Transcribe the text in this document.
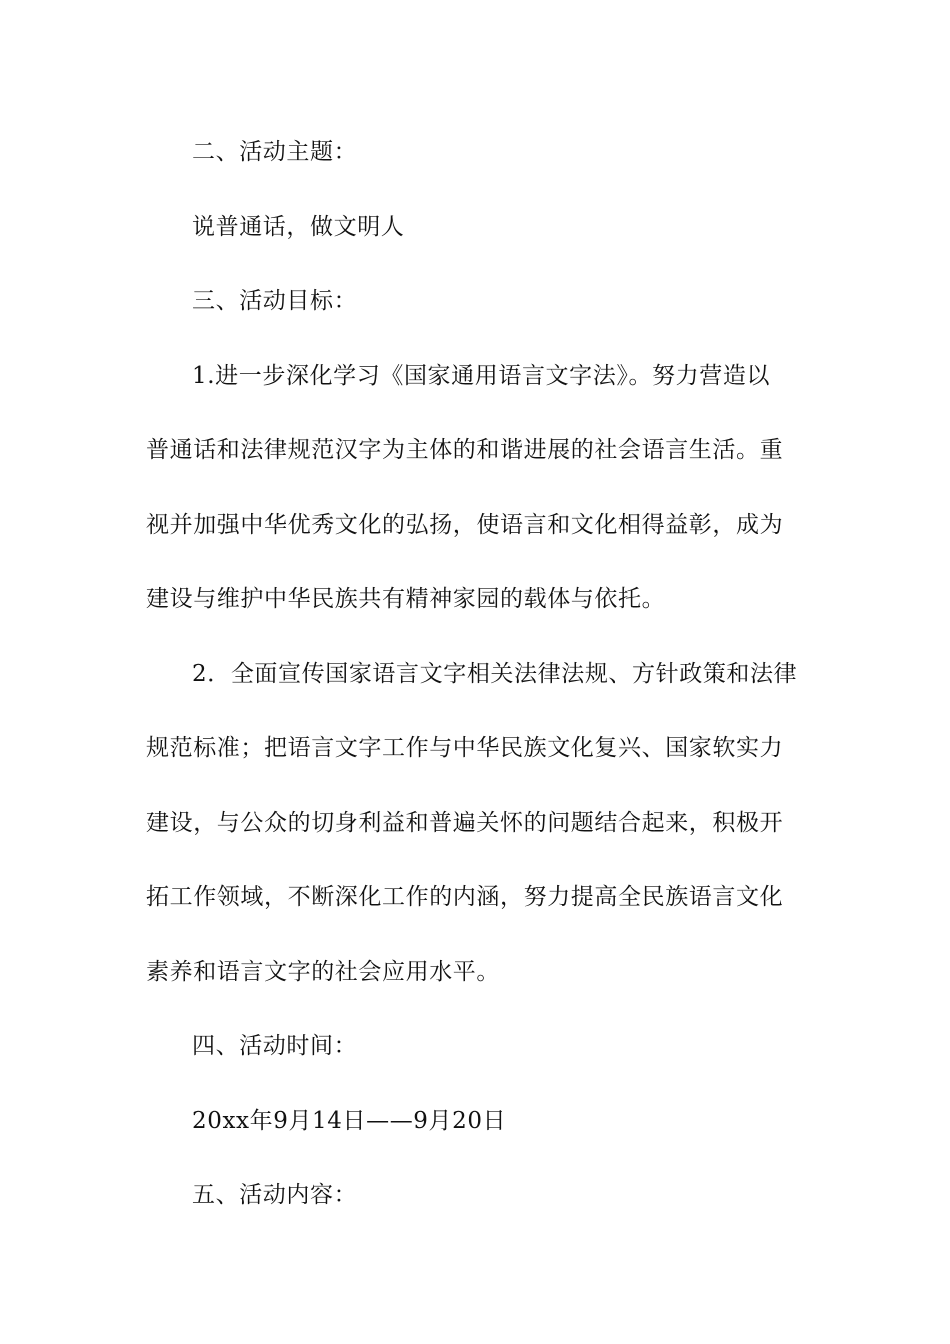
二、活动主题：
说普通话，做文明人
三、活动目标：
1.进一步深化学习《国家通用语言文字法》。努力营造以
普通话和法律规范汉字为主体的和谐进展的社会语言生活。重
视并加强中华优秀文化的弘扬，使语言和文化相得益彰，成为
建设与维护中华民族共有精神家园的载体与依托。
2．全面宣传国家语言文字相关法律法规、方针政策和法律
规范标准；把语言文字工作与中华民族文化复兴、国家软实力
建设，与公众的切身利益和普遍关怀的问题结合起来，积极开
拓工作领域，不断深化工作的内涵，努力提高全民族语言文化
素养和语言文字的社会应用水平。
四、活动时间：
20xx年9月14日——9月20日
五、活动内容：
